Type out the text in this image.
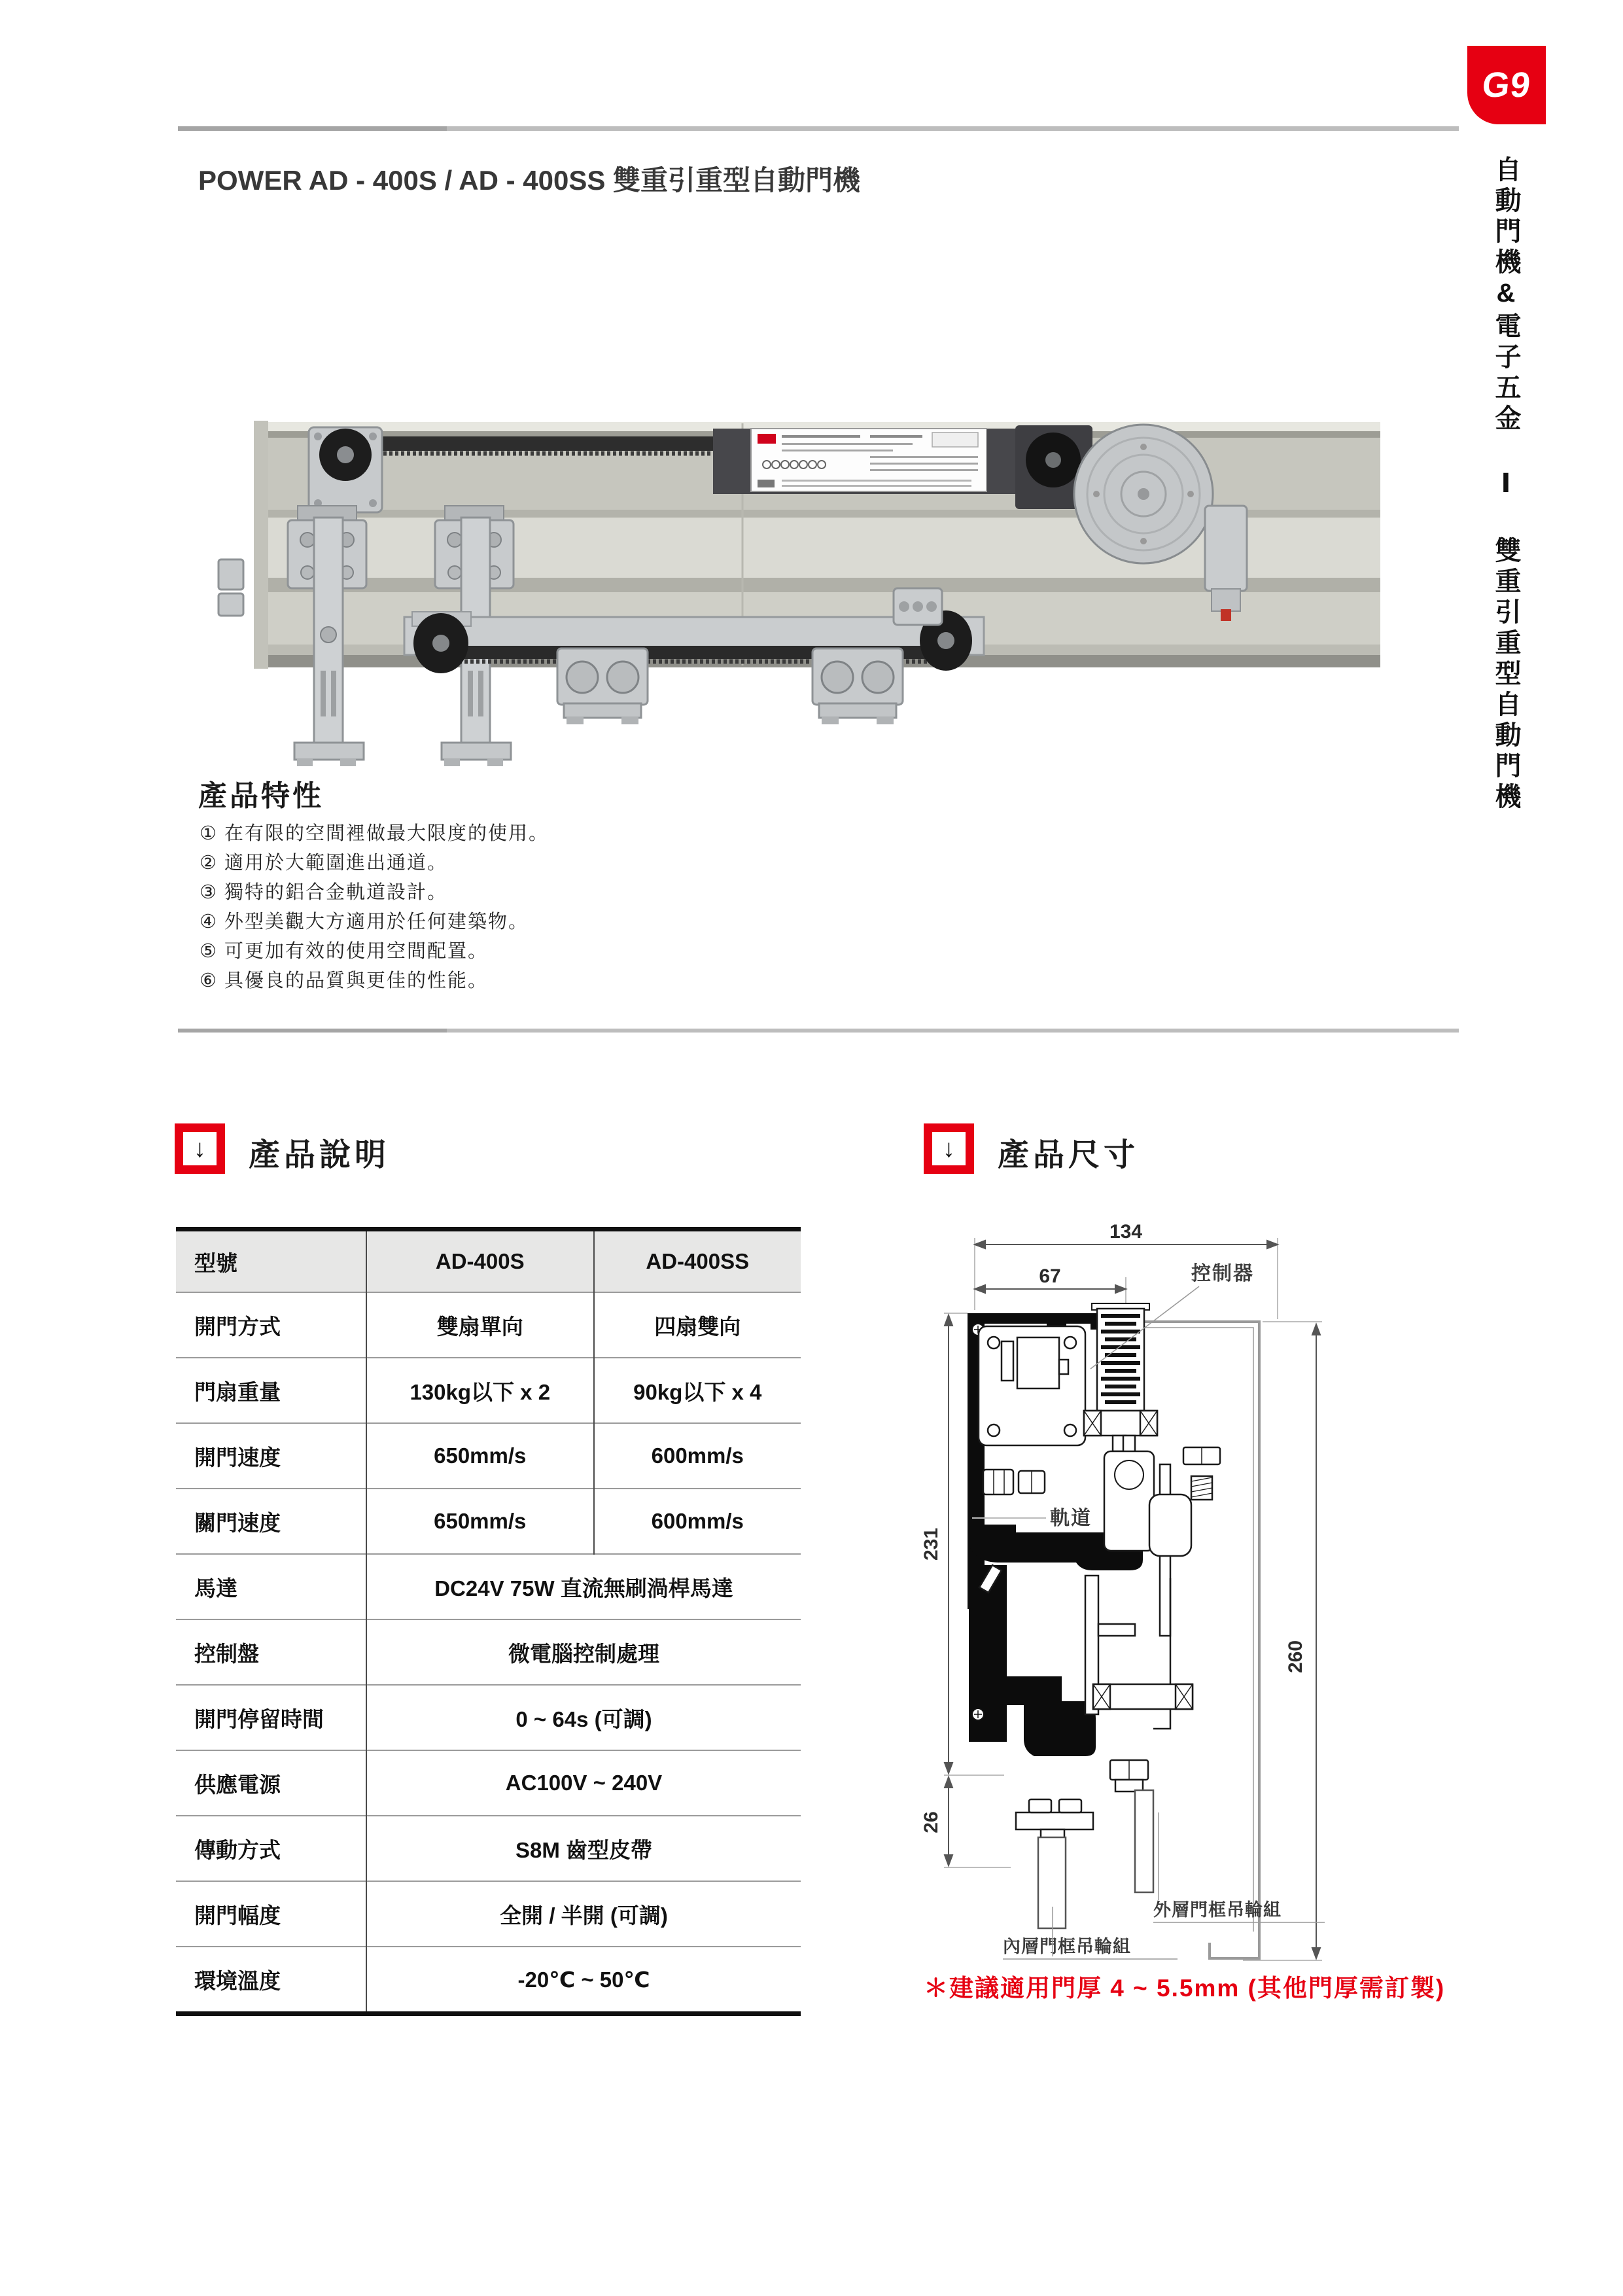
G9
自動門機&電子五金 Ⅰ 雙重引重型自動門機
POWER AD - 400S / AD - 400SS 雙重引重型自動門機
產品特性
① 在有限的空間裡做最大限度的使用。
② 適用於大範圍進出通道。
③ 獨特的鋁合金軌道設計。
④ 外型美觀大方適用於任何建築物。
⑤ 可更加有效的使用空間配置。
⑥ 具優良的品質與更佳的性能。
↓ 產品說明	↓ 產品尺寸
型號	AD-400S	AD-400SS
開門方式	雙扇單向	四扇雙向
門扇重量	130kg以下 x 2	90kg以下 x 4
開門速度	650mm/s	600mm/s
關門速度	650mm/s	600mm/s
馬達	DC24V 75W 直流無刷渦桿馬達	
控制盤	微電腦控制處理	
開門停留時間	0 ~ 64s (可調)	
供應電源	AC100V ~ 240V	
傳動方式	S8M 齒型皮帶	
開門幅度	全開 / 半開 (可調)	
環境溫度	-20℃ ~ 50℃	
134
67
231
26
260
控制器
軌道
外層門框吊輪組
內層門框吊輪組
＊建議適用門厚 4 ~ 5.5mm (其他門厚需訂製)
